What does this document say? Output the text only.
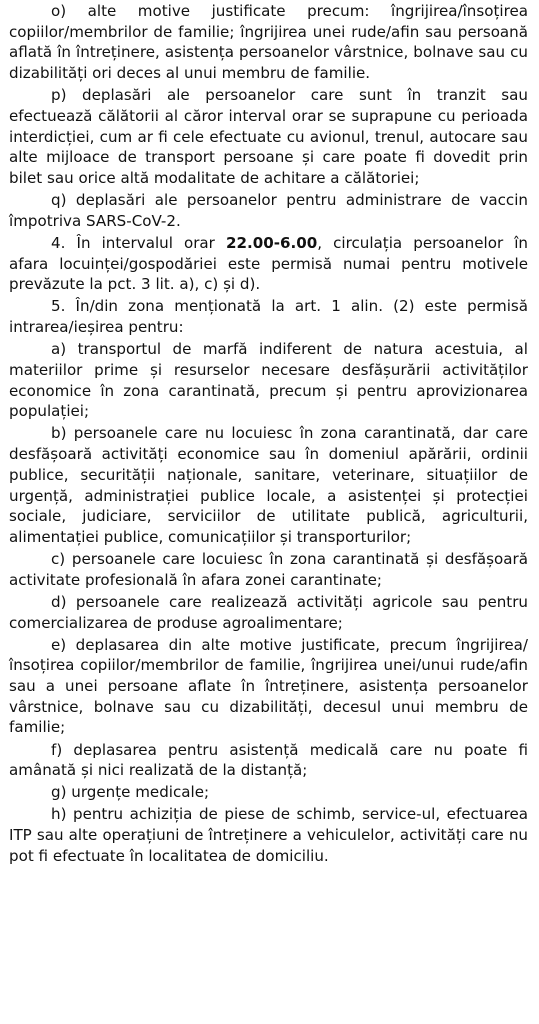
o) alte motive justificate precum: îngrijirea/însoțirea copiilor/membrilor de familie; îngrijirea unei rude/afin sau persoană aflată în întreținere, asistența persoanelor vârstnice, bolnave sau cu dizabilități ori deces al unui membru de familie.

p) deplasări ale persoanelor care sunt în tranzit sau efectuează călătorii al căror interval orar se suprapune cu perioada interdicției, cum ar fi cele efectuate cu avionul, trenul, autocare sau alte mijloace de transport persoane și care poate fi dovedit prin bilet sau orice altă modalitate de achitare a călătoriei;

q) deplasări ale persoanelor pentru administrare de vaccin împotriva SARS-CoV-2.

4. În intervalul orar 22.00-6.00, circulația persoanelor în afara locuinței/gospodăriei este permisă numai pentru motivele prevăzute la pct. 3 lit. a), c) și d).

5. În/din zona menționată la art. 1 alin. (2) este permisă intrarea/ieșirea pentru:

a) transportul de marfă indiferent de natura acestuia, al materiilor prime și resurselor necesare desfășurării activităților economice în zona carantinată, precum și pentru aprovizionarea populației;

b) persoanele care nu locuiesc în zona carantinată, dar care desfășoară activități economice sau în domeniul apărării, ordinii publice, securității naționale, sanitare, veterinare, situațiilor de urgență, administrației publice locale, a asistenței și protecției sociale, judiciare, serviciilor de utilitate publică, agriculturii, alimentației publice, comunicațiilor și transporturilor;

c) persoanele care locuiesc în zona carantinată și desfășoară activitate profesională în afara zonei carantinate;

d) persoanele care realizează activități agricole sau pentru comercializarea de produse agroalimentare;

e) deplasarea din alte motive justificate, precum îngrijirea/însoțirea copiilor/membrilor de familie, îngrijirea unei/unui rude/afin sau a unei persoane aflate în întreținere, asistența persoanelor vârstnice, bolnave sau cu dizabilități, decesul unui membru de familie;

f) deplasarea pentru asistență medicală care nu poate fi amânată și nici realizată de la distanță;

g) urgențe medicale;

h) pentru achiziția de piese de schimb, service-ul, efectuarea ITP sau alte operațiuni de întreținere a vehiculelor, activități care nu pot fi efectuate în localitatea de domiciliu.
